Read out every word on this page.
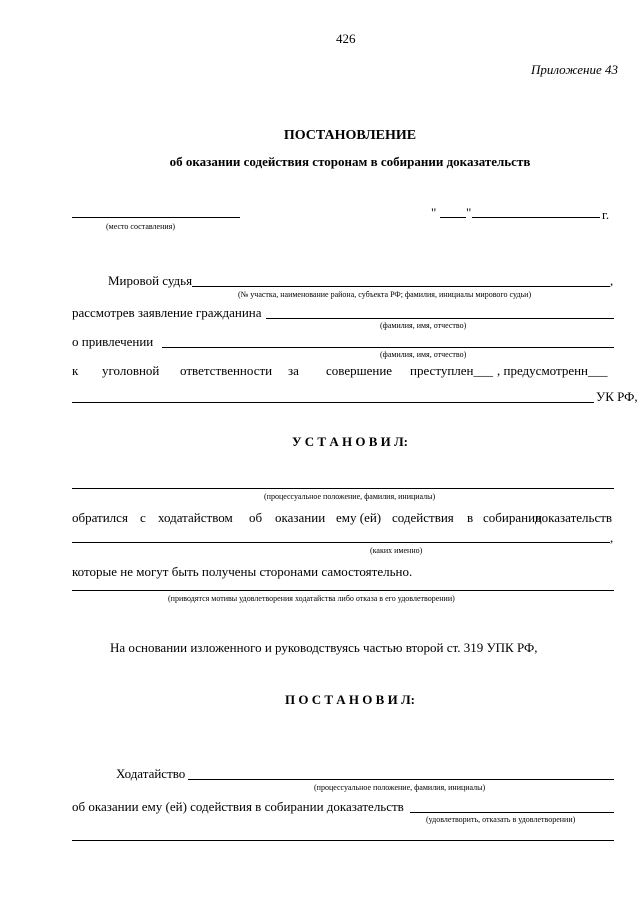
426
Приложение 43
ПОСТАНОВЛЕНИЕ
об оказании содействия сторонам в собирании доказательств
(место составления)
" "	г.
Мировой судья	,
(№ участка, наименование района, субъекта РФ; фамилия, инициалы мирового судьи)
рассмотрев заявление гражданина
(фамилия, имя, отчество)
о привлечении
(фамилия, имя, отчество)
к уголовной ответственности за совершение преступлен___ , предусмотренн___
УК РФ,
У С Т А Н О В И Л:
(процессуальное положение, фамилия, инициалы)
обратился с ходатайством об оказании ему (ей) содействия в собирании
доказательств
,
(каких именно)
которые не могут быть получены сторонами самостоятельно.
(приводятся мотивы удовлетворения ходатайства либо отказа в его удовлетворении)
На основании изложенного и руководствуясь частью второй ст. 319 УПК РФ,
П О С Т А Н О В И Л:
Ходатайство
(процессуальное положение, фамилия, инициалы)
об оказании ему (ей) содействия в собирании доказательств
(удовлетворить, отказать в удовлетворении)
